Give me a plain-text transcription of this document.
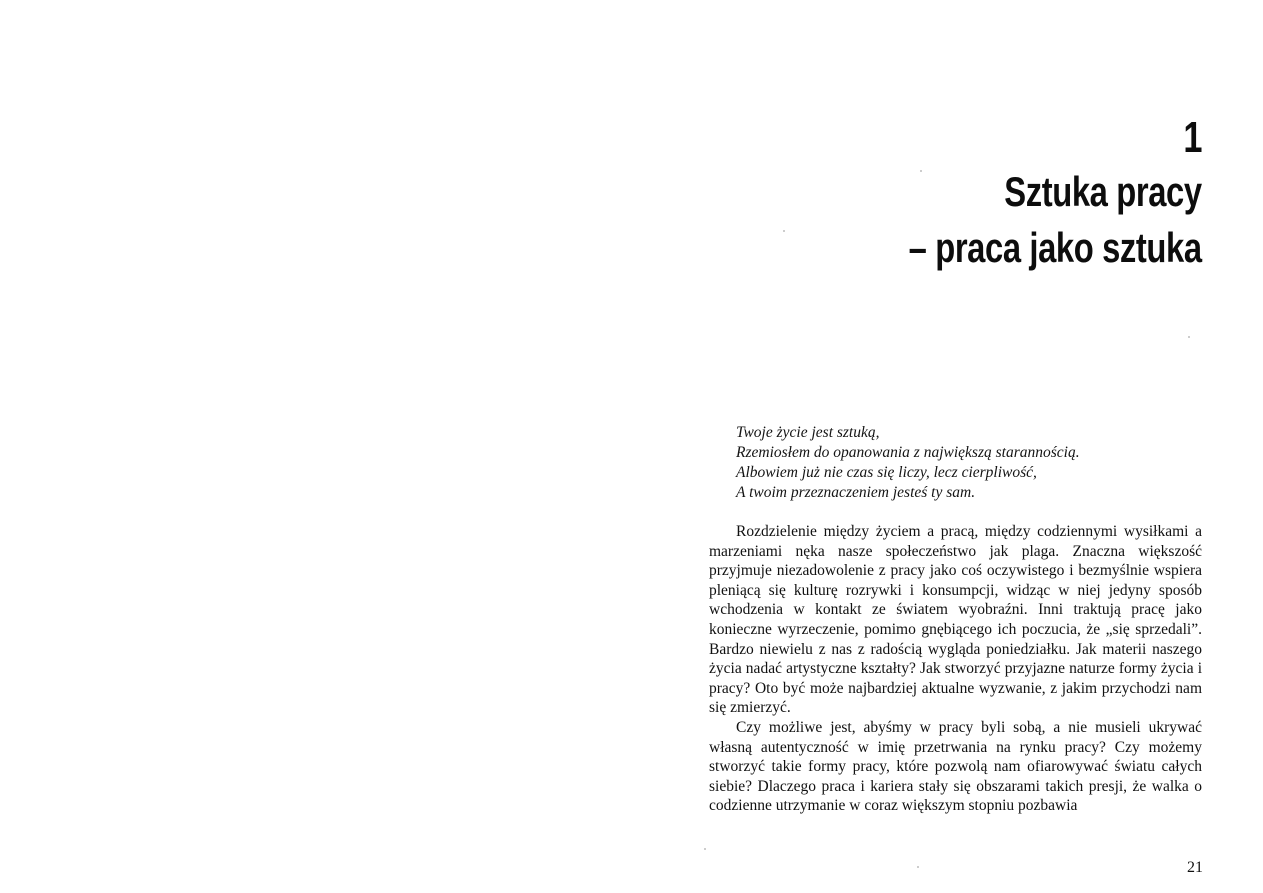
1
Sztuka pracy
– praca jako sztuka
Twoje życie jest sztuką,
Rzemiosłem do opanowania z największą starannością.
Albowiem już nie czas się liczy, lecz cierpliwość,
A twoim przeznaczeniem jesteś ty sam.

Rozdzielenie między życiem a pracą, między codziennymi wysiłkami a marzeniami nęka nasze społeczeństwo jak plaga. Znaczna większość przyjmuje niezadowolenie z pracy jako coś oczywistego i bezmyślnie wspiera pleniącą się kulturę rozrywki i konsumpcji, widząc w niej jedyny sposób wchodzenia w kontakt ze światem wyobraźni. Inni traktują pracę jako konieczne wyrzeczenie, pomimo gnębiącego ich poczucia, że „się sprzedali”. Bardzo niewielu z nas z radością wygląda poniedziałku. Jak materii naszego życia nadać artystyczne kształty? Jak stworzyć przyjazne naturze formy życia i pracy? Oto być może najbardziej aktualne wyzwanie, z jakim przychodzi nam się zmierzyć.

Czy możliwe jest, abyśmy w pracy byli sobą, a nie musieli ukrywać własną autentyczność w imię przetrwania na rynku pracy? Czy możemy stworzyć takie formy pracy, które pozwolą nam ofiarowywać światu całych siebie? Dlaczego praca i kariera stały się obszarami takich presji, że walka o codzienne utrzymanie w coraz większym stopniu pozbawia

21
